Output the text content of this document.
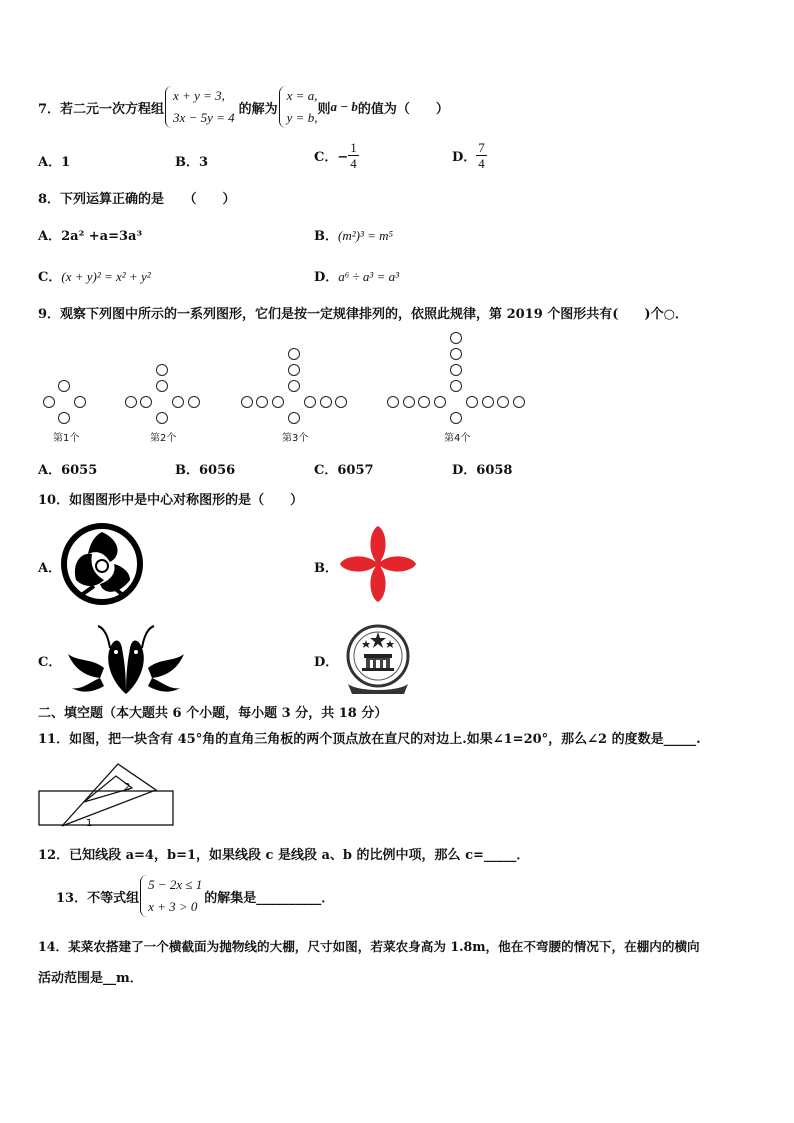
7．若二元一次方程组
x + y = 3,
3x − 5y = 4
的解为
x = a,
y = b,
则 a − b 的值为（　　）
A．1	B．3	C．− $\frac{1}{4}$	D． $\frac{7}{4}$
8．下列运算正确的是　　（　　）
A．2a² +a=3a³	B．(m²)³ = m⁵
C．(x + y)² = x² + y²	D．a⁶ ÷ a³ = a³
9．观察下列图中所示的一系列图形，它们是按一定规律排列的，依照此规律，第 2019 个图形共有(　　)个○．
第1个	第2个	第3个	第4个
A．6055	B．6056	C．6057	D．6058
10．如图图形中是中心对称图形的是（　　）
A．	B．
C．	D．
二、填空题（本大题共 6 个小题，每小题 3 分，共 18 分）
11．如图，把一块含有 45°角的直角三角板的两个顶点放在直尺的对边上.如果∠1=20°，那么∠2 的度数是_____.
2
1
12．已知线段 a=4，b=1，如果线段 c 是线段 a、b 的比例中项，那么 c=_____．
13．不等式组
5 − 2x ≤ 1
x + 3 > 0
的解集是__________．
14．某菜农搭建了一个横截面为抛物线的大棚，尺寸如图，若菜农身高为 1.8m，他在不弯腰的情况下，在棚内的横向
活动范围是__m．
